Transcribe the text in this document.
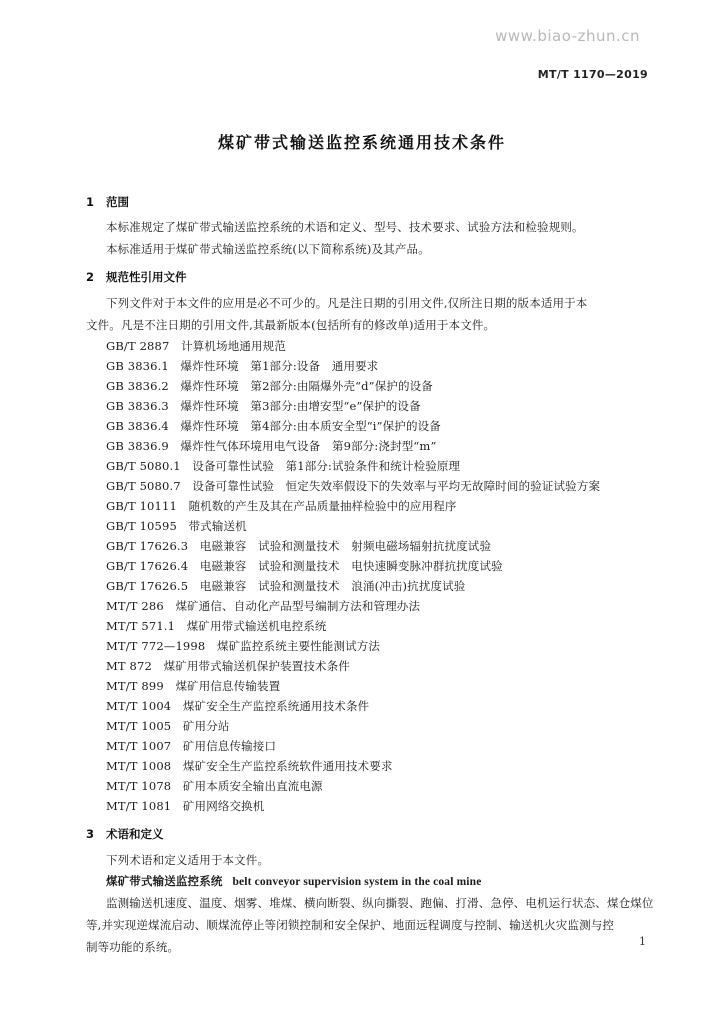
www.biao-zhun.cn
MT/T 1170—2019
煤矿带式输送监控系统通用技术条件
1 范围
本标准规定了煤矿带式输送监控系统的术语和定义、型号、技术要求、试验方法和检验规则。
本标准适用于煤矿带式输送监控系统(以下简称系统)及其产品。
2 规范性引用文件
下列文件对于本文件的应用是必不可少的。凡是注日期的引用文件,仅所注日期的版本适用于本
文件。凡是不注日期的引用文件,其最新版本(包括所有的修改单)适用于本文件。
GB/T 2887　计算机场地通用规范
GB 3836.1　爆炸性环境　第1部分:设备　通用要求
GB 3836.2　爆炸性环境　第2部分:由隔爆外壳“d”保护的设备
GB 3836.3　爆炸性环境　第3部分:由增安型“e”保护的设备
GB 3836.4　爆炸性环境　第4部分:由本质安全型“i”保护的设备
GB 3836.9　爆炸性气体环境用电气设备　第9部分:浇封型“m”
GB/T 5080.1　设备可靠性试验　第1部分:试验条件和统计检验原理
GB/T 5080.7　设备可靠性试验　恒定失效率假设下的失效率与平均无故障时间的验证试验方案
GB/T 10111　随机数的产生及其在产品质量抽样检验中的应用程序
GB/T 10595　带式输送机
GB/T 17626.3　电磁兼容　试验和测量技术　射频电磁场辐射抗扰度试验
GB/T 17626.4　电磁兼容　试验和测量技术　电快速瞬变脉冲群抗扰度试验
GB/T 17626.5　电磁兼容　试验和测量技术　浪涌(冲击)抗扰度试验
MT/T 286　煤矿通信、自动化产品型号编制方法和管理办法
MT/T 571.1　煤矿用带式输送机电控系统
MT/T 772—1998　煤矿监控系统主要性能测试方法
MT 872　煤矿用带式输送机保护装置技术条件
MT/T 899　煤矿用信息传输装置
MT/T 1004　煤矿安全生产监控系统通用技术条件
MT/T 1005　矿用分站
MT/T 1007　矿用信息传输接口
MT/T 1008　煤矿安全生产监控系统软件通用技术要求
MT/T 1078　矿用本质安全输出直流电源
MT/T 1081　矿用网络交换机
3 术语和定义
下列术语和定义适用于本文件。
煤矿带式输送监控系统 belt conveyor supervision system in the coal mine
监测输送机速度、温度、烟雾、堆煤、横向断裂、纵向撕裂、跑偏、打滑、急停、电机运行状态、煤仓煤位
等,并实现逆煤流启动、顺煤流停止等闭锁控制和安全保护、地面远程调度与控制、输送机火灾监测与控
制等功能的系统。	1
